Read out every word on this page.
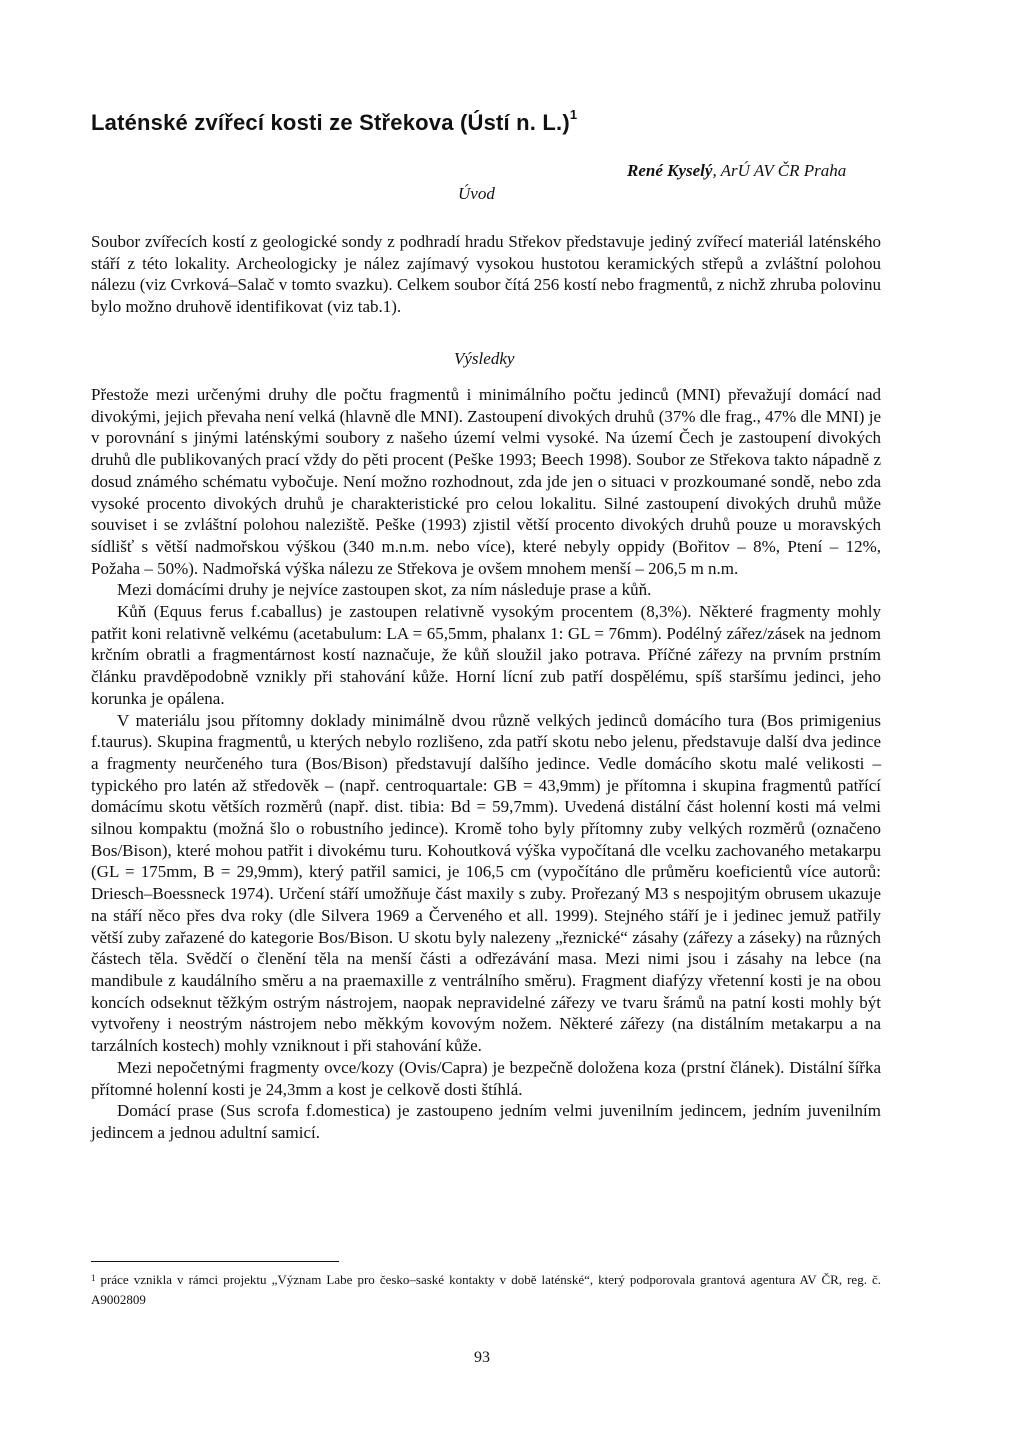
Laténské zvířecí kosti ze Střekova (Ústí n. L.)$^1$

René Kyselý, ArÚ AV ČR Praha

Úvod

Soubor zvířecích kostí z geologické sondy z podhradí hradu Střekov představuje jediný zvířecí materiál laténského stáří z této lokality. Archeologicky je nález zajímavý vysokou hustotou keramických střepů a zvláštní polohou nálezu (viz Cvrková–Salač v tomto svazku). Celkem soubor čítá 256 kostí nebo fragmentů, z nichž zhruba polovinu bylo možno druhově identifikovat (viz tab.1).

Výsledky

Přestože mezi určenými druhy dle počtu fragmentů i minimálního počtu jedinců (MNI) převažují domácí nad divokými, jejich převaha není velká (hlavně dle MNI). Zastoupení divokých druhů (37% dle frag., 47% dle MNI) je v porovnání s jinými laténskými soubory z našeho území velmi vysoké. Na území Čech je zastoupení divokých druhů dle publikovaných prací vždy do pěti procent (Peške 1993; Beech 1998). Soubor ze Střekova takto nápadně z dosud známého schématu vybočuje. Není možno rozhodnout, zda jde jen o situaci v prozkoumané sondě, nebo zda vysoké procento divokých druhů je charakteristické pro celou lokalitu. Silné zastoupení divokých druhů může souviset i se zvláštní polohou naleziště. Peške (1993) zjistil větší procento divokých druhů pouze u moravských sídlišť s větší nadmořskou výškou (340 m.n.m. nebo více), které nebyly oppidy (Bořitov – 8%, Ptení – 12%, Požaha – 50%). Nadmořská výška nálezu ze Střekova je ovšem mnohem menší – 206,5 m n.m.

Mezi domácími druhy je nejvíce zastoupen skot, za ním následuje prase a kůň.

Kůň (Equus ferus f.caballus) je zastoupen relativně vysokým procentem (8,3%). Některé fragmenty mohly patřit koni relativně velkému (acetabulum: LA = 65,5mm, phalanx 1: GL = 76mm). Podélný zářez/zásek na jednom krčním obratli a fragmentárnost kostí naznačuje, že kůň sloužil jako potrava. Příčné zářezy na prvním prstním článku pravděpodobně vznikly při stahování kůže. Horní lícní zub patří dospělému, spíš staršímu jedinci, jeho korunka je opálena.

V materiálu jsou přítomny doklady minimálně dvou různě velkých jedinců domácího tura (Bos primigenius f.taurus). Skupina fragmentů, u kterých nebylo rozlišeno, zda patří skotu nebo jelenu, představuje další dva jedince a fragmenty neurčeného tura (Bos/Bison) představují dalšího jedince. Vedle domácího skotu malé velikosti – typického pro latén až středověk – (např. centroquartale: GB = 43,9mm) je přítomna i skupina fragmentů patřící domácímu skotu větších rozměrů (např. dist. tibia: Bd = 59,7mm). Uvedená distální část holenní kosti má velmi silnou kompaktu (možná šlo o robustního jedince). Kromě toho byly přítomny zuby velkých rozměrů (označeno Bos/Bison), které mohou patřit i divokému turu. Kohoutková výška vypočítaná dle vcelku zachovaného metakarpu (GL = 175mm, B = 29,9mm), který patřil samici, je 106,5 cm (vypočítáno dle průměru koeficientů více autorů: Driesch–Boessneck 1974). Určení stáří umožňuje část maxily s zuby. Prořezaný M3 s nespojitým obrusem ukazuje na stáří něco přes dva roky (dle Silvera 1969 a Červeného et all. 1999). Stejného stáří je i jedinec jemuž patřily větší zuby zařazené do kategorie Bos/Bison. U skotu byly nalezeny „řeznické“ zásahy (zářezy a záseky) na různých částech těla. Svědčí o členění těla na menší části a odřezávání masa. Mezi nimi jsou i zásahy na lebce (na mandibule z kaudálního směru a na praemaxille z ventrálního směru). Fragment diafýzy vřetenní kosti je na obou koncích odseknut těžkým ostrým nástrojem, naopak nepravidelné zářezy ve tvaru šrámů na patní kosti mohly být vytvořeny i neostrým nástrojem nebo měkkým kovovým nožem. Některé zářezy (na distálním metakarpu a na tarzálních kostech) mohly vzniknout i při stahování kůže.

Mezi nepočetnými fragmenty ovce/kozy (Ovis/Capra) je bezpečně doložena koza (prstní článek). Distální šířka přítomné holenní kosti je 24,3mm a kost je celkově dosti štíhlá.

Domácí prase (Sus scrofa f.domestica) je zastoupeno jedním velmi juvenilním jedincem, jedním juvenilním jedincem a jednou adultní samicí.

$^1$ práce vznikla v rámci projektu „Význam Labe pro česko–saské kontakty v době laténské“, který podporovala grantová agentura AV ČR, reg. č. A9002809

93
